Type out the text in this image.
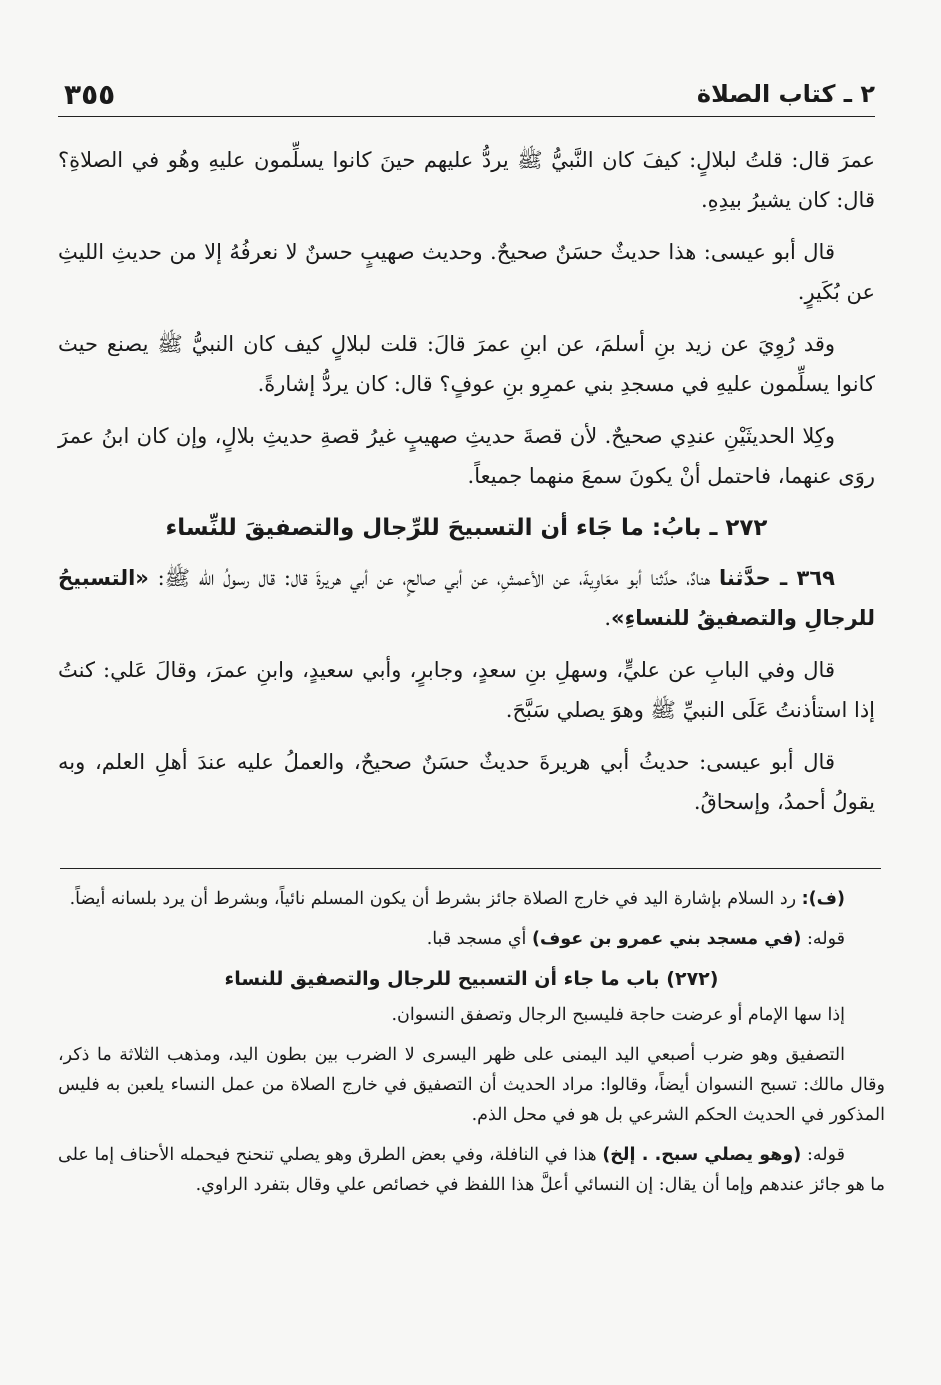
٣٥٥	٢ ـ كتاب الصلاة

عمرَ قال: قلتُ لبلالٍ: كيفَ كان النَّبيُّ ﷺ يردُّ عليهم حينَ كانوا يسلِّمون عليهِ وهُو في الصلاةِ؟ قال: كان يشيرُ بيدِهِ.

قال أبو عيسى: هذا حديثٌ حسَنٌ صحيحٌ. وحديث صهيبٍ حسنٌ لا نعرفُهُ إلا من حديثِ الليثِ عن بُكَيرٍ.

وقد رُوِيَ عن زيد بنِ أسلمَ، عن ابنِ عمرَ قالَ: قلت لبلالٍ كيف كان النبيُّ ﷺ يصنع حيث كانوا يسلِّمون عليهِ في مسجدِ بني عمرِو بنِ عوفٍ؟ قال: كان يردُّ إشارةً.

وكِلا الحديثَيْنِ عندِي صحيحٌ. لأن قصةَ حديثِ صهيبٍ غيرُ قصةِ حديثِ بلالٍ، وإن كان ابنُ عمرَ روَى عنهما، فاحتمل أنْ يكونَ سمعَ منهما جميعاً.

٢٧٢ ـ بابُ: ما جَاء أن التسبيحَ للرِّجال والتصفيقَ للنِّساء

٣٦٩ ـ حدَّثنا هنادٌ، حدَّثنا أبو معَاوِيةَ، عن الأعمشِ، عن أبي صالحٍ، عن أبي هريرةَ قال: قال رسولُ الله ﷺ: «التسبيحُ للرجالِ والتصفيقُ للنساءِ».

قال وفي البابِ عن عليٍّ، وسهلِ بنِ سعدٍ، وجابرٍ، وأبي سعيدٍ، وابنِ عمرَ، وقالَ عَلي: كنتُ إذا استأذنتُ عَلَى النبيِّ ﷺ وهوَ يصلي سَبَّحَ.

قال أبو عيسى: حديثُ أبي هريرةَ حديثٌ حسَنٌ صحيحٌ، والعملُ عليه عندَ أهلِ العلم، وبه يقولُ أحمدُ، وإسحاقُ.

(ف): رد السلام بإشارة اليد في خارج الصلاة جائز بشرط أن يكون المسلم نائياً، وبشرط أن يرد بلسانه أيضاً.

قوله: (في مسجد بني عمرو بن عوف) أي مسجد قبا.

(٢٧٢) باب ما جاء أن التسبيح للرجال والتصفيق للنساء

إذا سها الإمام أو عرضت حاجة فليسبح الرجال وتصفق النسوان.

التصفيق وهو ضرب أصبعي اليد اليمنى على ظهر اليسرى لا الضرب بين بطون اليد، ومذهب الثلاثة ما ذكر، وقال مالك: تسبح النسوان أيضاً، وقالوا: مراد الحديث أن التصفيق في خارج الصلاة من عمل النساء يلعبن به فليس المذكور في الحديث الحكم الشرعي بل هو في محل الذم.

قوله: (وهو يصلي سبح. . إلخ) هذا في النافلة، وفي بعض الطرق وهو يصلي تنحنح فيحمله الأحناف إما على ما هو جائز عندهم وإما أن يقال: إن النسائي أعلَّ هذا اللفظ في خصائص علي وقال بتفرد الراوي.
